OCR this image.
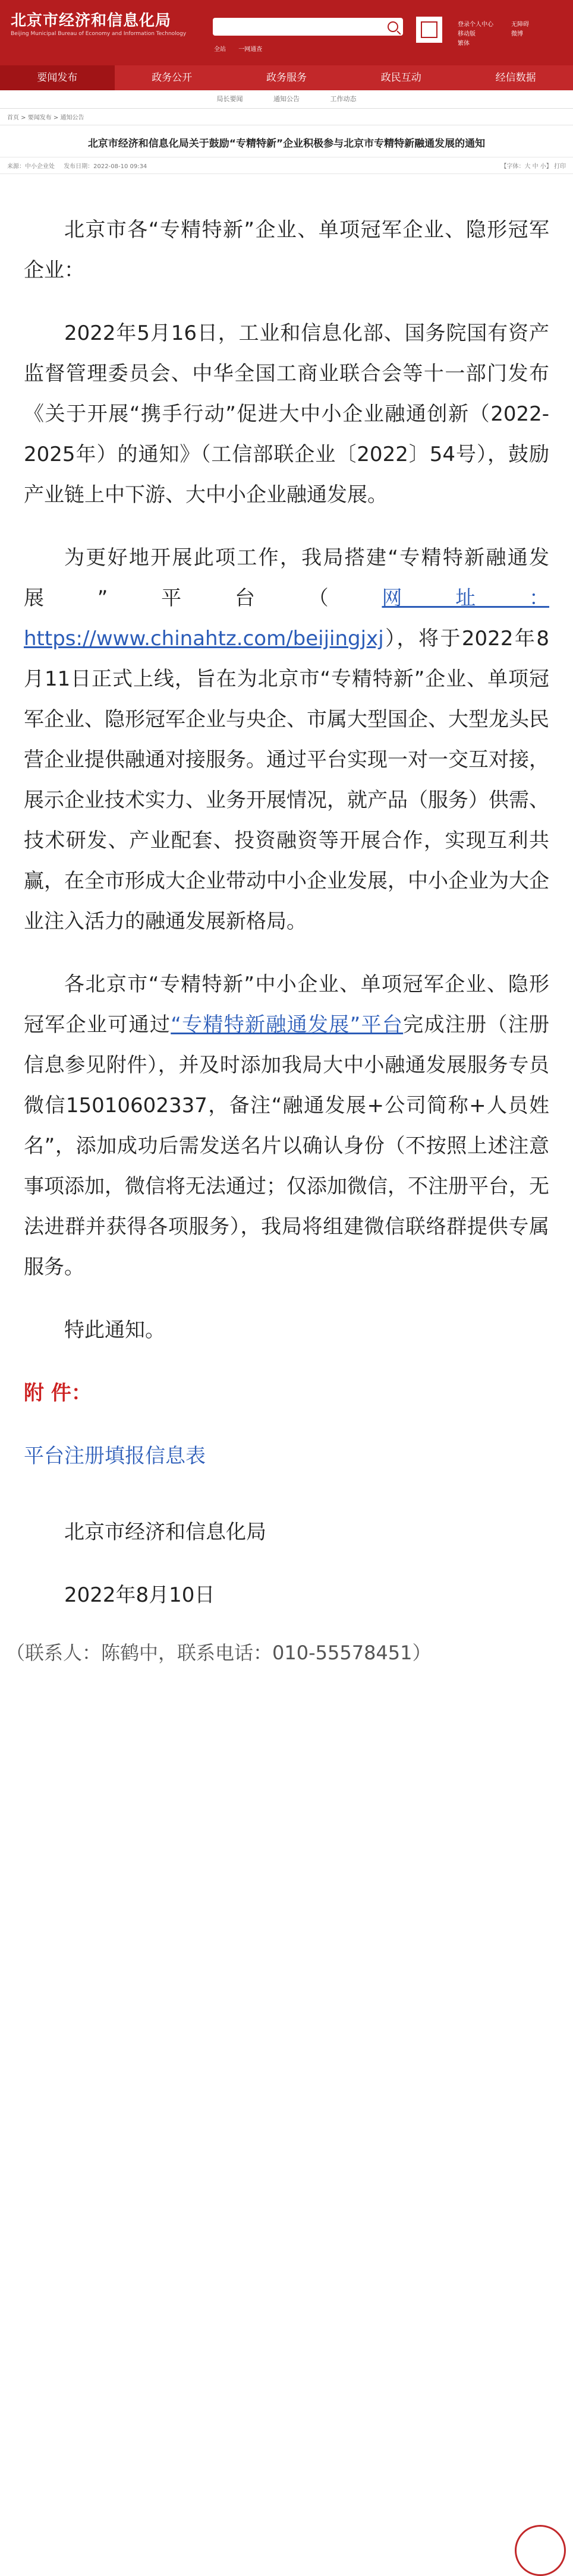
北京市经济和信息化局
Beijing Municipal Bureau of Economy and Information Technology
全站 一网通查
登录个人中心
移动版
繁体
无障碍
微博
要闻发布	政务公开	政务服务	政民互动	经信数据
局长要闻	通知公告	工作动态
首页 > 要闻发布 > 通知公告
北京市经济和信息化局关于鼓励“专精特新”企业积极参与北京市专精特新融通发展的通知
来源：中小企业处 发布日期：2022-08-10 09:34	【字体：大 中 小】 打印

北京市各“专精特新”企业、单项冠军企业、隐形冠军企业：

2022年5月16日，工业和信息化部、国务院国有资产监督管理委员会、中华全国工商业联合会等十一部门发布《关于开展“携手行动”促进大中小企业融通创新（2022-2025年）的通知》（工信部联企业〔2022〕54号），鼓励产业链上中下游、大中小企业融通发展。

为更好地开展此项工作，我局搭建“专精特新融通发展”平台（网址：https://www.chinahtz.com/beijingjxj），将于2022年8月11日正式上线，旨在为北京市“专精特新”企业、单项冠军企业、隐形冠军企业与央企、市属大型国企、大型龙头民营企业提供融通对接服务。通过平台实现一对一交互对接，展示企业技术实力、业务开展情况，就产品（服务）供需、技术研发、产业配套、投资融资等开展合作，实现互利共赢，在全市形成大企业带动中小企业发展，中小企业为大企业注入活力的融通发展新格局。

各北京市“专精特新”中小企业、单项冠军企业、隐形冠军企业可通过“专精特新融通发展”平台完成注册（注册信息参见附件），并及时添加我局大中小融通发展服务专员微信15010602337，备注“融通发展+公司简称+人员姓名”，添加成功后需发送名片以确认身份（不按照上述注意事项添加，微信将无法通过；仅添加微信，不注册平台，无法进群并获得各项服务），我局将组建微信联络群提供专属服务。

特此通知。

附 件：

平台注册填报信息表

北京市经济和信息化局

2022年8月10日

（联系人：陈鹤中，联系电话：010-55578451）
